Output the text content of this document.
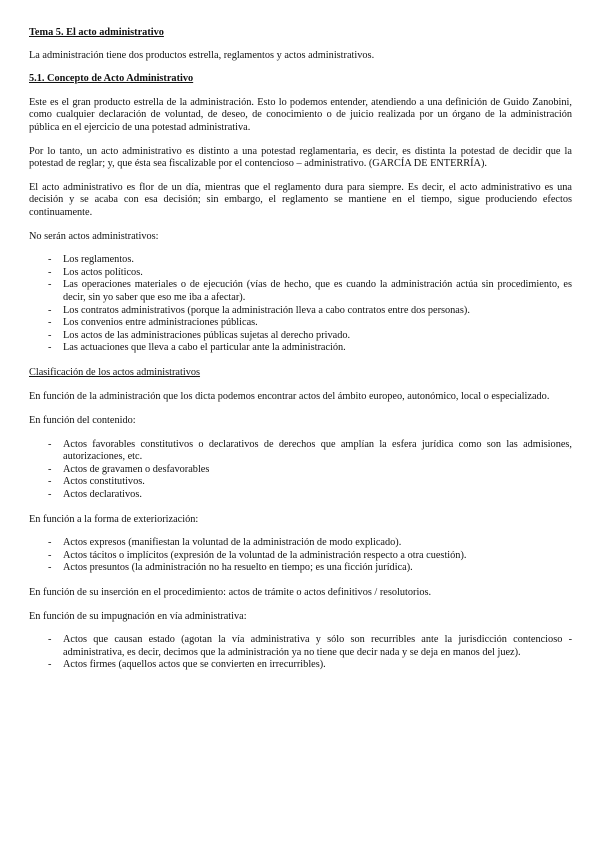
Tema 5. El acto administrativo

La administración tiene dos productos estrella, reglamentos y actos administrativos.

5.1. Concepto de Acto Administrativo

Este es el gran producto estrella de la administración. Esto lo podemos entender, atendiendo a una definición de Guido Zanobini, como cualquier declaración de voluntad, de deseo, de conocimiento o de juicio realizada por un órgano de la administración pública en el ejercicio de una potestad administrativa.

Por lo tanto, un acto administrativo es distinto a una potestad reglamentaria, es decir, es distinta la potestad de decidir que la potestad de reglar; y, que ésta sea fiscalizable por el contencioso – administrativo. (GARCÍA DE ENTERRÍA).

El acto administrativo es flor de un día, mientras que el reglamento dura para siempre. Es decir, el acto administrativo es una decisión y se acaba con esa decisión; sin embargo, el reglamento se mantiene en el tiempo, sigue produciendo efectos continuamente.

No serán actos administrativos:

- Los reglamentos.
- Los actos políticos.
- Las operaciones materiales o de ejecución (vías de hecho, que es cuando la administración actúa sin procedimiento, es decir, sin yo saber que eso me iba a afectar).
- Los contratos administrativos (porque la administración lleva a cabo contratos entre dos personas).
- Los convenios entre administraciones públicas.
- Los actos de las administraciones públicas sujetas al derecho privado.
- Las actuaciones que lleva a cabo el particular ante la administración.
Clasificación de los actos administrativos

En función de la administración que los dicta podemos encontrar actos del ámbito europeo, autonómico, local o especializado.

En función del contenido:

- Actos favorables constitutivos o declarativos de derechos que amplían la esfera jurídica como son las admisiones, autorizaciones, etc.
- Actos de gravamen o desfavorables
- Actos constitutivos.
- Actos declarativos.

En función a la forma de exteriorización:

- Actos expresos (manifiestan la voluntad de la administración de modo explicado).
- Actos tácitos o implícitos (expresión de la voluntad de la administración respecto a otra cuestión).
- Actos presuntos (la administración no ha resuelto en tiempo; es una ficción jurídica).

En función de su inserción en el procedimiento: actos de trámite o actos definitivos / resolutorios.

En función de su impugnación en vía administrativa:

- Actos que causan estado (agotan la vía administrativa y sólo son recurribles ante la jurisdicción contencioso - administrativa, es decir, decimos que la administración ya no tiene que decir nada y se deja en manos del juez).
- Actos firmes (aquellos actos que se convierten en irrecurribles).
